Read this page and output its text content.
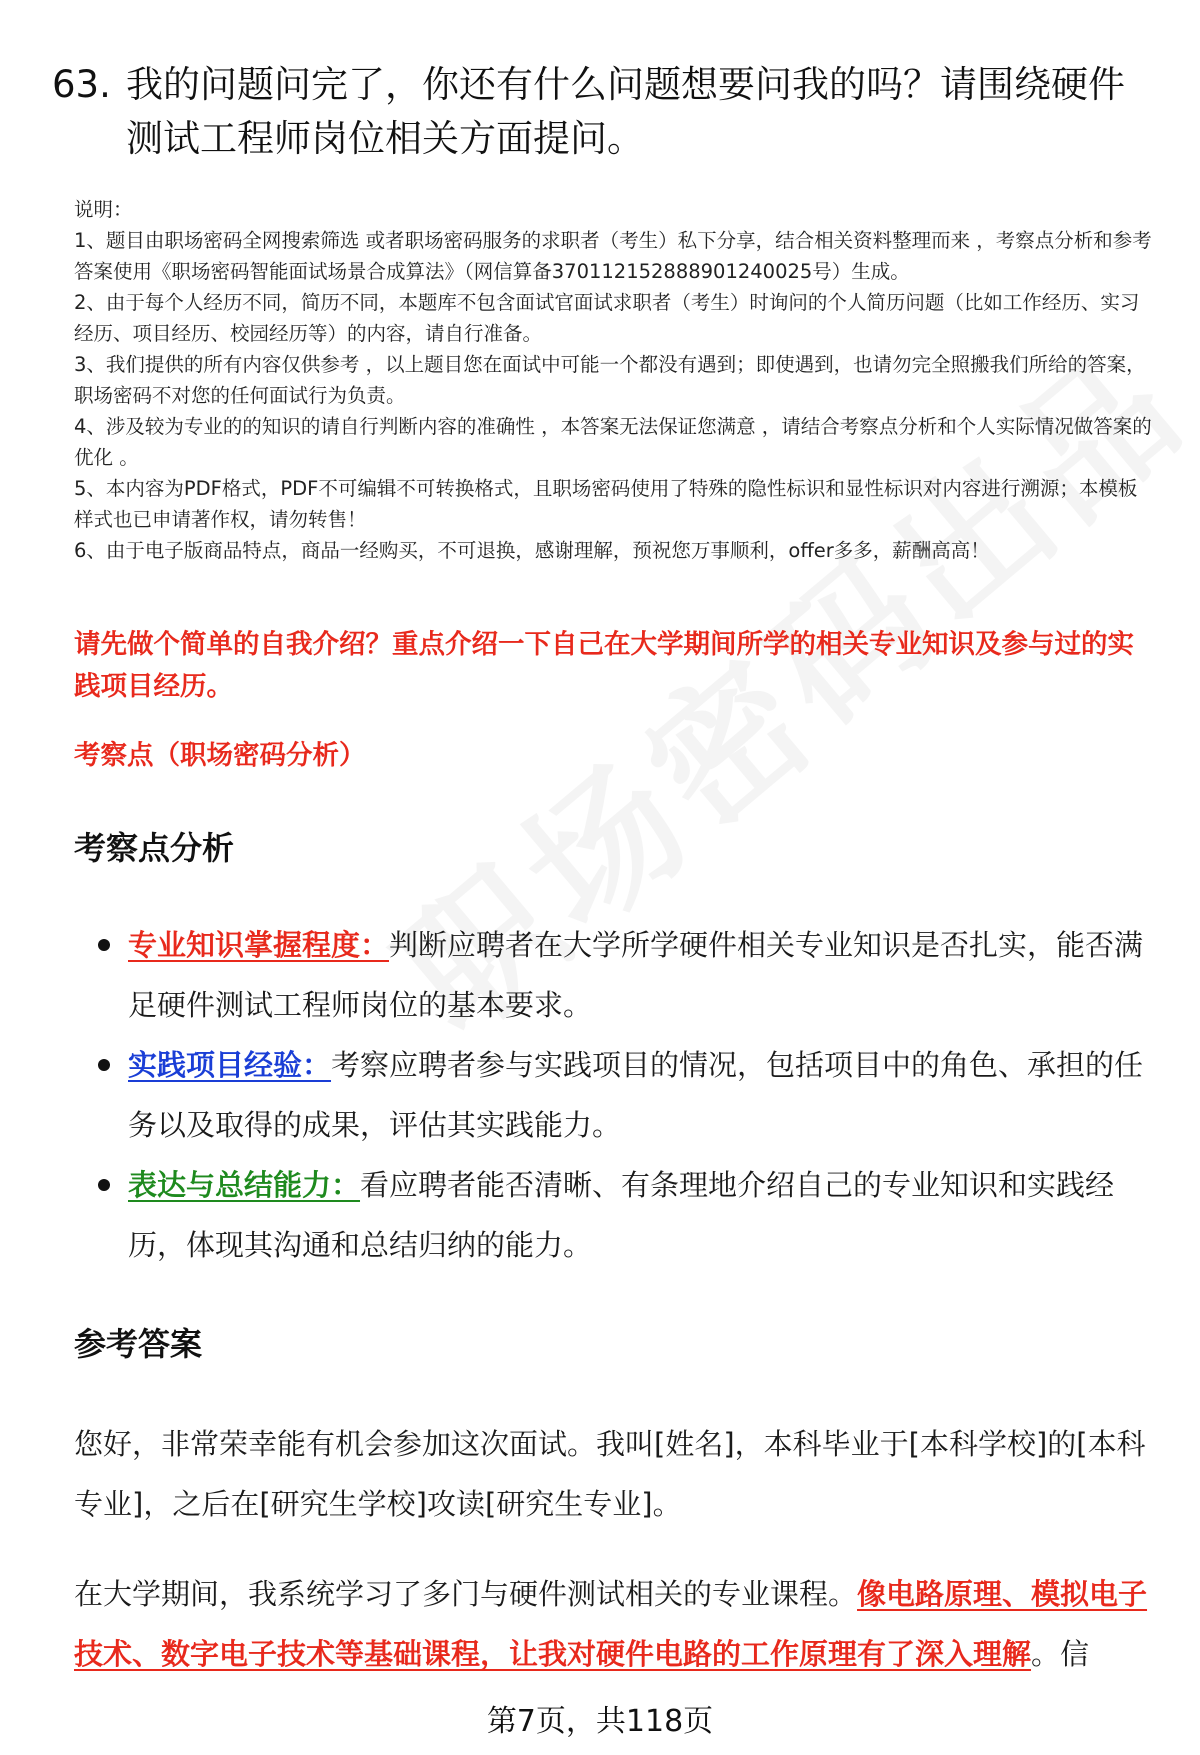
63. 我的问题问完了，你还有什么问题想要问我的吗？请围绕硬件测试工程师岗位相关方面提问。

说明：

1、题目由职场密码全网搜索筛选 或者职场密码服务的求职者（考生）私下分享，结合相关资料整理而来 ，考察点分析和参考答案使用《职场密码智能面试场景合成算法》（网信算备370112152888901240025号）生成。

2、由于每个人经历不同，简历不同，本题库不包含面试官面试求职者（考生）时询问的个人简历问题（比如工作经历、实习经历、项目经历、校园经历等）的内容，请自行准备。

3、我们提供的所有内容仅供参考 ，以上题目您在面试中可能一个都没有遇到；即使遇到，也请勿完全照搬我们所给的答案，职场密码不对您的任何面试行为负责。

4、涉及较为专业的的知识的请自行判断内容的准确性 ，本答案无法保证您满意 ，请结合考察点分析和个人实际情况做答案的优化 。

5、本内容为PDF格式，PDF不可编辑不可转换格式，且职场密码使用了特殊的隐性标识和显性标识对内容进行溯源；本模板样式也已申请著作权，请勿转售！

6、由于电子版商品特点，商品一经购买，不可退换，感谢理解，预祝您万事顺利，offer多多，薪酬高高！

请先做个简单的自我介绍？重点介绍一下自己在大学期间所学的相关专业知识及参与过的实践项目经历。
考察点（职场密码分析）
考察点分析
专业知识掌握程度：判断应聘者在大学所学硬件相关专业知识是否扎实，能否满足硬件测试工程师岗位的基本要求。
实践项目经验：考察应聘者参与实践项目的情况，包括项目中的角色、承担的任务以及取得的成果，评估其实践能力。
表达与总结能力：看应聘者能否清晰、有条理地介绍自己的专业知识和实践经历，体现其沟通和总结归纳的能力。
参考答案

您好，非常荣幸能有机会参加这次面试。我叫[姓名]，本科毕业于[本科学校]的[本科专业]，之后在[研究生学校]攻读[研究生专业]。

在大学期间，我系统学习了多门与硬件测试相关的专业课程。像电路原理、模拟电子技术、数字电子技术等基础课程，让我对硬件电路的工作原理有了深入理解。信

第7页，共118页
